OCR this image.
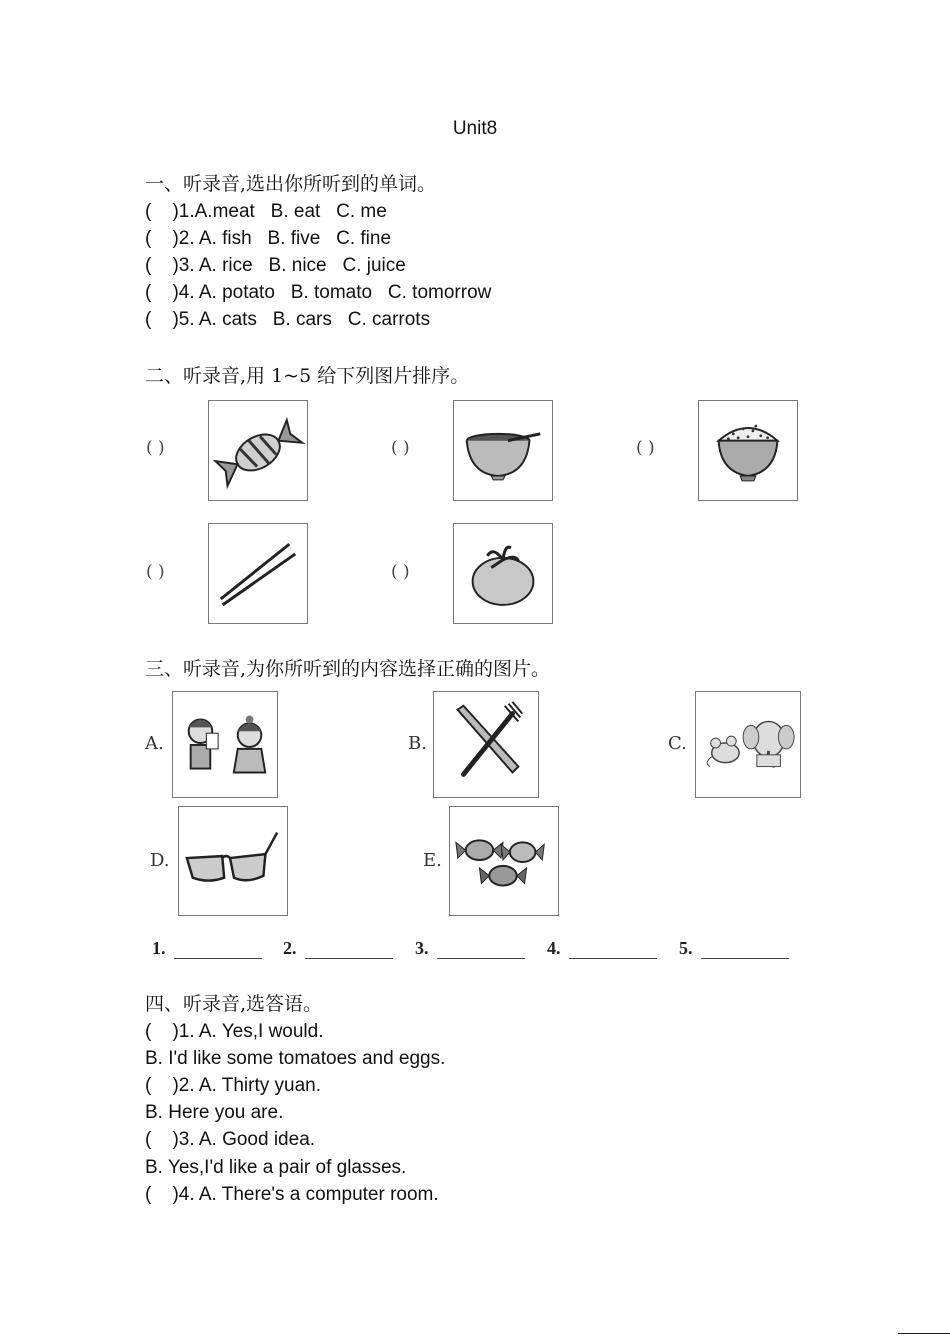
Unit8
一、听录音,选出你所听到的单词。
(    )1.A.meat   B. eat   C. me
(    )2. A. fish   B. five   C. fine
(    )3. A. rice   B. nice   C. juice
(    )4. A. potato   B. tomato   C. tomorrow
(    )5. A. cats   B. cars   C. carrots
二、听录音,用 1~5 给下列图片排序。
( )	( )	( )
( )	( )
三、听录音,为你所听到的内容选择正确的图片。
A.	B.	C.
D.	E.
1.	2.	3.	4.	5.
四、听录音,选答语。
(    )1. A. Yes,I would.
B. I'd like some tomatoes and eggs.
(    )2. A. Thirty yuan.
B. Here you are.
(    )3. A. Good idea.
B. Yes,I'd like a pair of glasses.
(    )4. A. There's a computer room.
